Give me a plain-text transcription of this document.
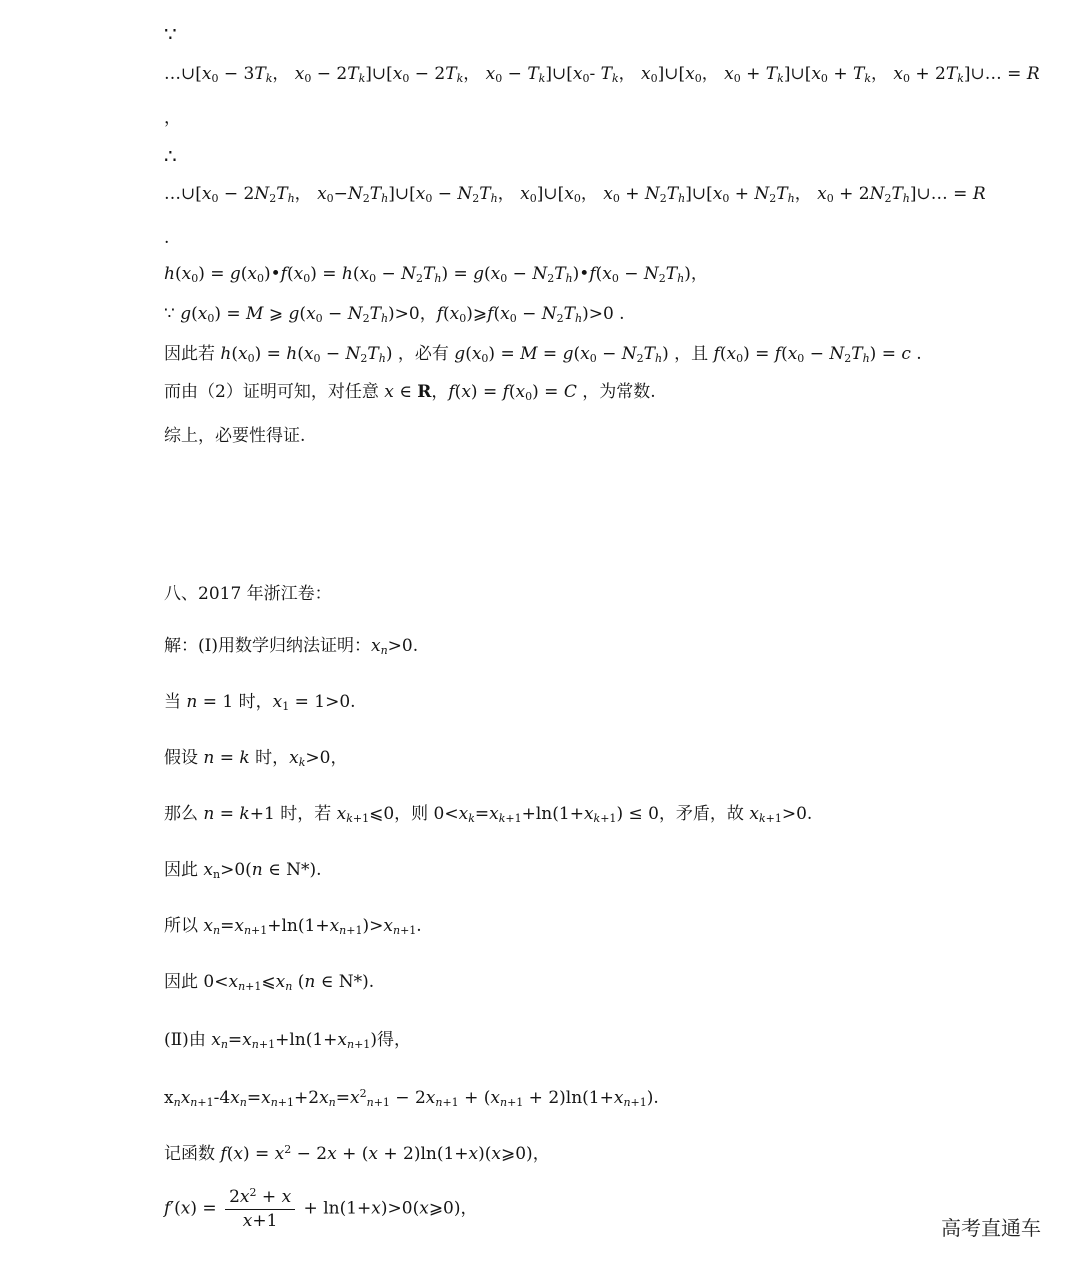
∵

$\dots\cup[x_0 - 3T_k$， $x_0$ − $2T_k]\cup[x_0 - 2T_k$， $x_0$ − $T_k]\cup[x_0-$ $T_k$， $x_0]\cup[x_0$， $x_0$ + $T_k]\cup[x_0 + T_k$， $x_0$ + $2T_k]\cup\dots = R$

，

∴

$\dots\cup[x_0 - 2N_2T_h$， $x_0-N_2T_h]\cup[x_0 - N_2T_h$， $x_0]\cup[x_0$， $x_0$ + $N_2T_h]\cup[x_0 + N_2T_h$， $x_0$ + $2N_2T_h]\cup\dots = R$

.

$h(x_0)$ = $g(x_0)•f(x_0) = h(x_0 - N_2T_h) = g(x_0$ − $N_2T_h)•f(x_0 - N_2T_h)$，

∵ $g(x_0) = M$ ⩾ $g(x_0 - N_2T_h)>0$，$f(x_0)⩾f(x_0 - N_2T_h)>0$ .

因此若 $h(x_0) = h(x_0 - N_2T_h)$ ，必有 $g(x_0) = M = g(x_0 - N_2T_h)$ ，且 $f(x_0) = f(x_0 - N_2T_h) = c$ .

而由（2）证明可知，对任意 x ∈ R，$f(x) = f(x_0) = C$ ，为常数.

综上，必要性得证.

八、2017 年浙江卷：

解：(Ⅰ)用数学归纳法证明：$x_n>0$.

当 n = 1 时，$x_1 = 1>0$.

假设 n = k 时，$x_k>0$，

那么 n = k+1 时，若 $x_{k+1}⩽0$，则 $0<x_k=x_{k+1}+\ln(1+x_{k+1}) \le 0$，矛盾，故 $x_{k+1}>0$.

因此 $x_n>0(n$ ∈ N*).

所以 $x_n=x_{n+1}+\ln(1+x_{n+1})>x_{n+1}$.

因此 $0<x_{n+1}⩽x_n$ (n ∈ N*).

(Ⅱ)由 $x_n=x_{n+1}+\ln(1+x_{n+1})$得，

$x_nx_{n+1}-4x_n=x_{n+1}+2x_n=x^2_{n+1} - 2x_{n+1} + (x_{n+1} + 2)\ln(1+x_{n+1})$.

记函数 $f(x) = x^2 - 2x + (x$ + 2)ln(1+x)(x⩾0)，

$f'(x) = \frac{2x^2 + x}{x+1}$ + ln(1+x)>0(x⩾0)，

高考直通车
